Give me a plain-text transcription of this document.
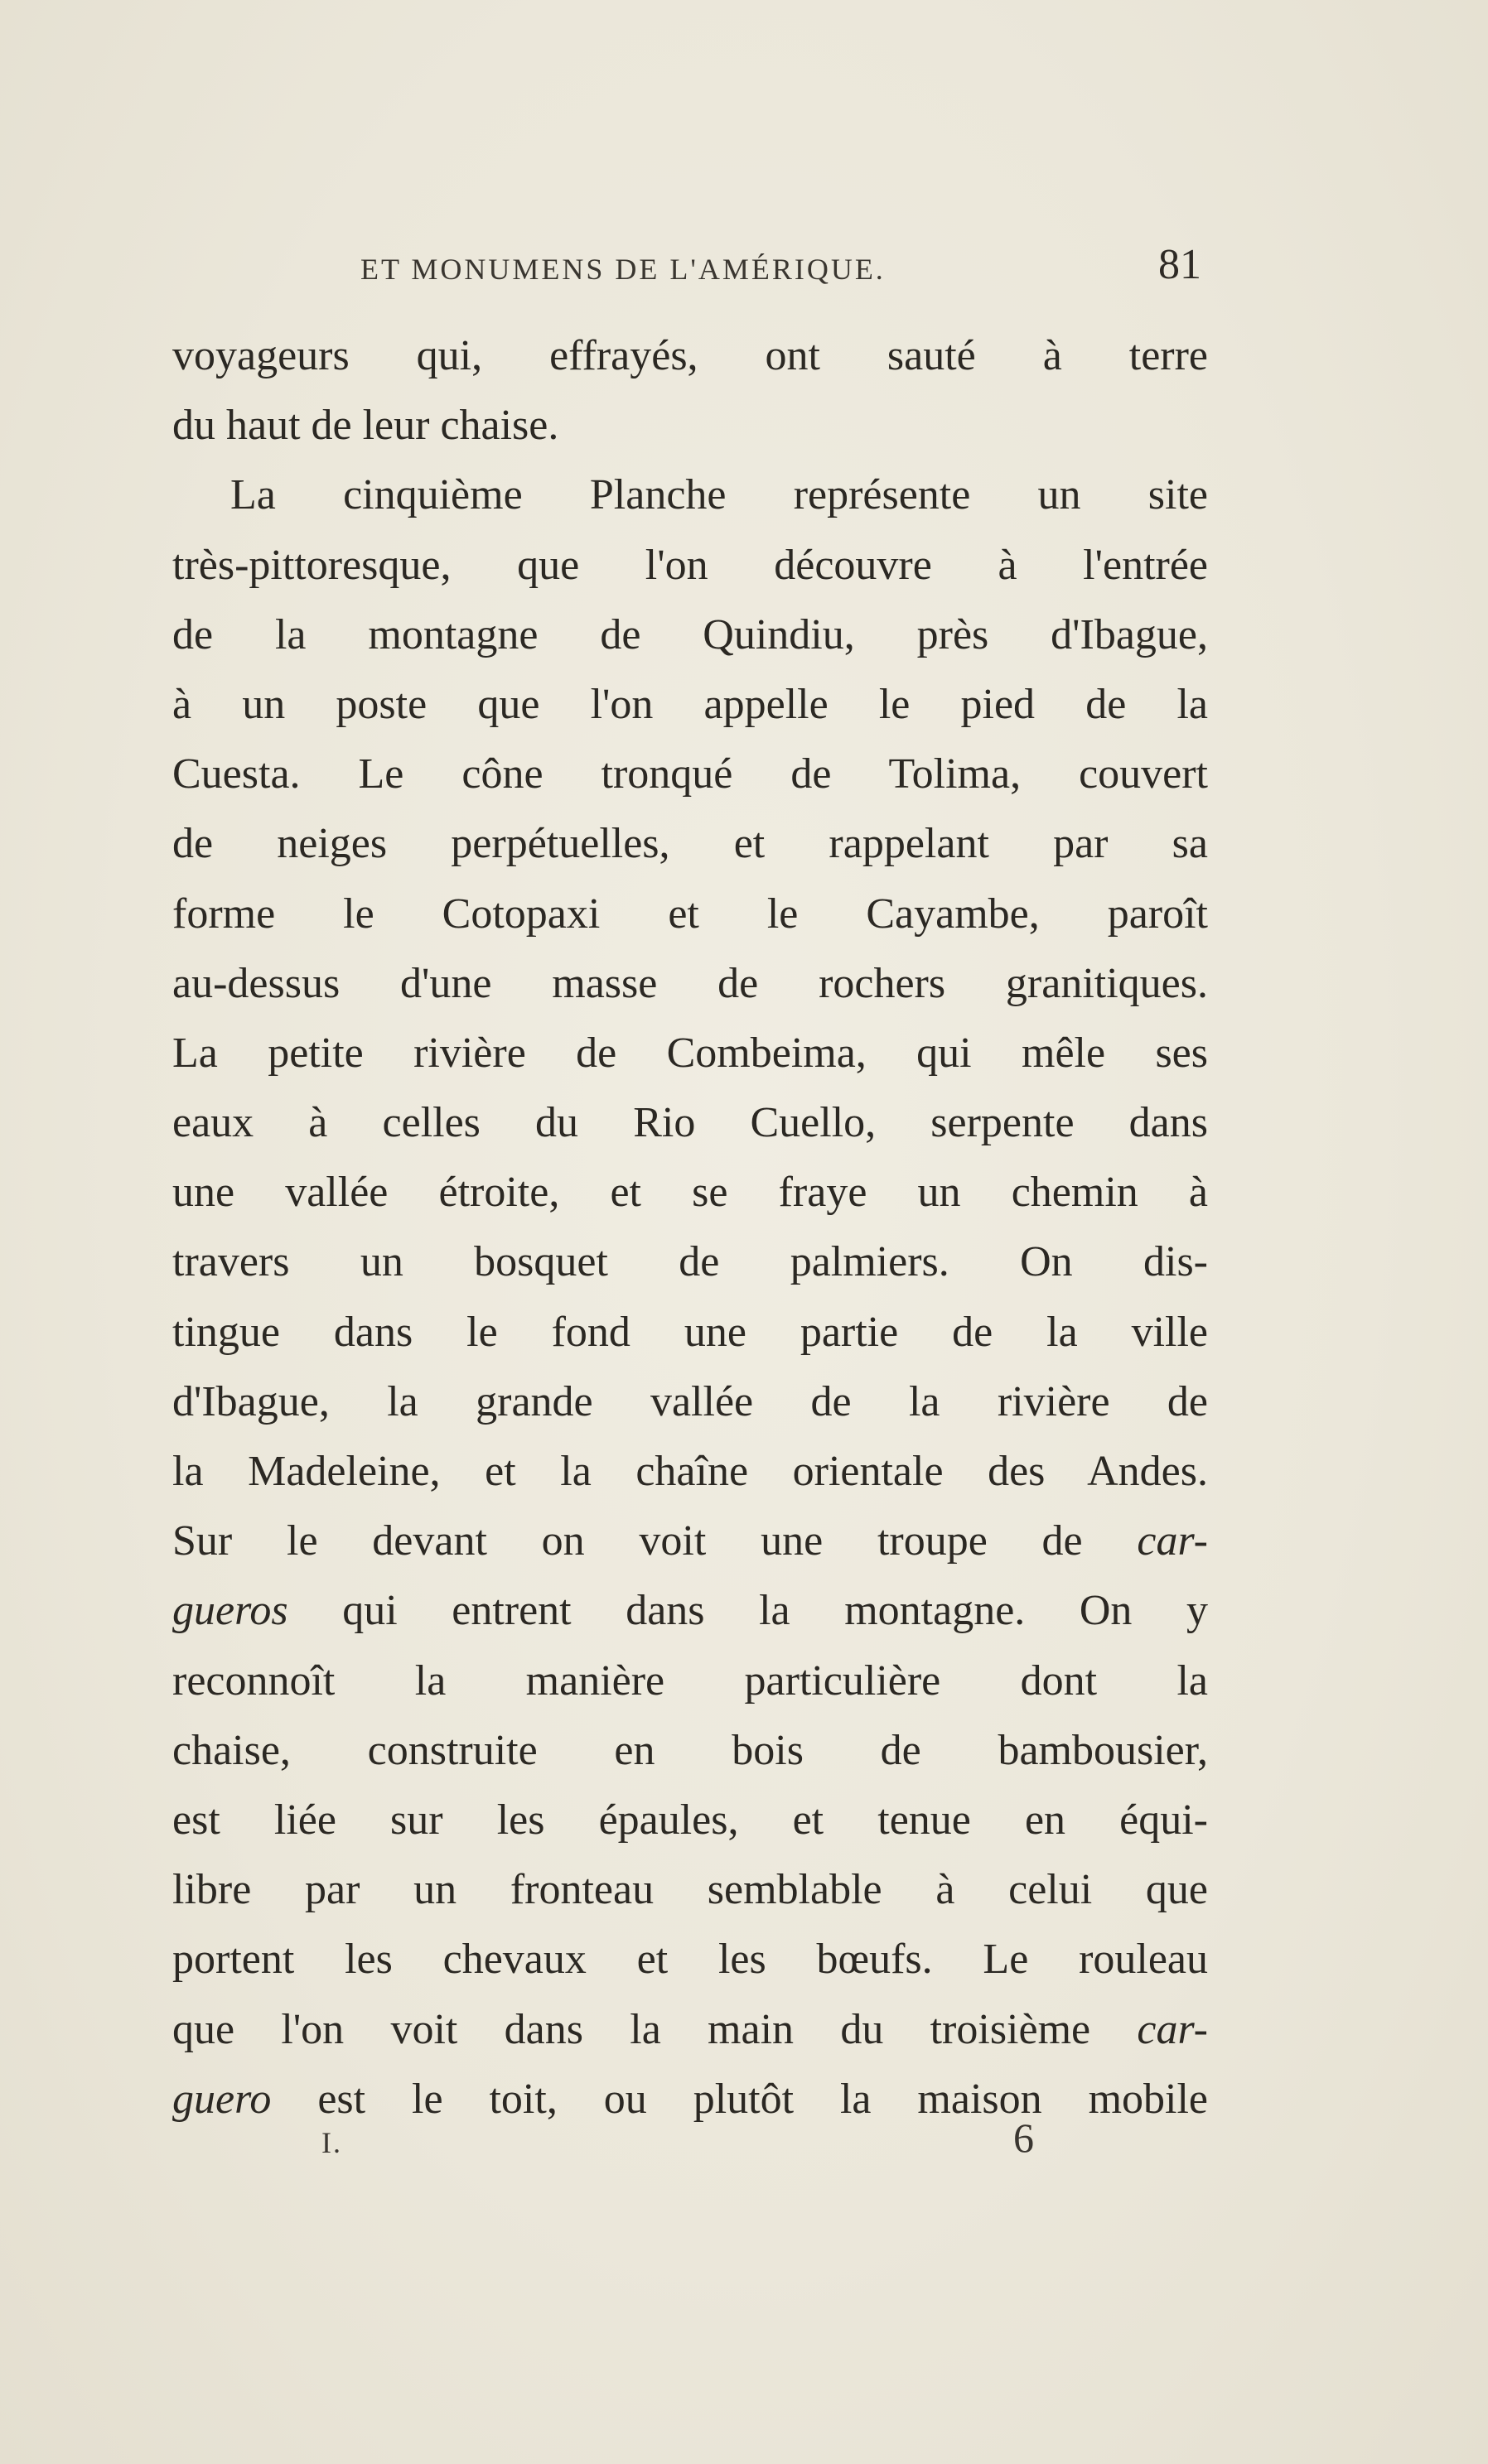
ET MONUMENS DE L'AMÉRIQUE.	81
voyageurs qui, effrayés, ont sauté à terre
du haut de leur chaise.
La cinquième Planche représente un site
très-pittoresque, que l'on découvre à l'entrée
de la montagne de Quindiu, près d'Ibague,
à un poste que l'on appelle le pied de la
Cuesta. Le cône tronqué de Tolima, couvert
de neiges perpétuelles, et rappelant par sa
forme le Cotopaxi et le Cayambe, paroît
au-dessus d'une masse de rochers granitiques.
La petite rivière de Combeima, qui mêle ses
eaux à celles du Rio Cuello, serpente dans
une vallée étroite, et se fraye un chemin à
travers un bosquet de palmiers. On dis-
tingue dans le fond une partie de la ville
d'Ibague, la grande vallée de la rivière de
la Madeleine, et la chaîne orientale des Andes.
Sur le devant on voit une troupe de car-
gueros qui entrent dans la montagne. On y
reconnoît la manière particulière dont la
chaise, construite en bois de bambousier,
est liée sur les épaules, et tenue en équi-
libre par un fronteau semblable à celui que
portent les chevaux et les bœufs. Le rouleau
que l'on voit dans la main du troisième car-
guero est le toit, ou plutôt la maison mobile
I.	6
